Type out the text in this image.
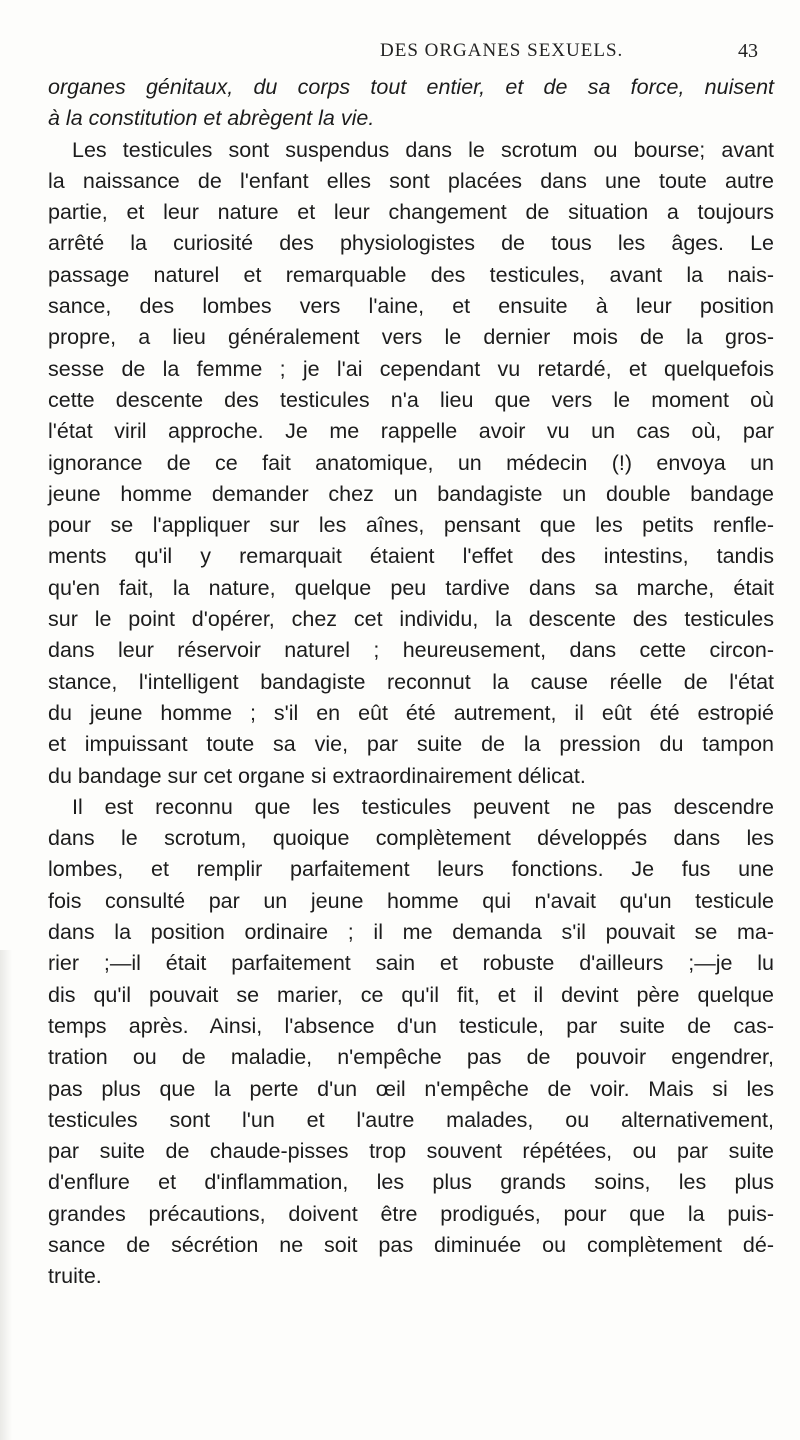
DES ORGANES SEXUELS.	43
organes génitaux, du corps tout entier, et de sa force, nuisent
à la constitution et abrègent la vie.
Les testicules sont suspendus dans le scrotum ou bourse; avant
la naissance de l'enfant elles sont placées dans une toute autre
partie, et leur nature et leur changement de situation a toujours
arrêté la curiosité des physiologistes de tous les âges. Le
passage naturel et remarquable des testicules, avant la nais-
sance, des lombes vers l'aine, et ensuite à leur position
propre, a lieu généralement vers le dernier mois de la gros-
sesse de la femme ; je l'ai cependant vu retardé, et quelquefois
cette descente des testicules n'a lieu que vers le moment où
l'état viril approche. Je me rappelle avoir vu un cas où, par
ignorance de ce fait anatomique, un médecin (!) envoya un
jeune homme demander chez un bandagiste un double bandage
pour se l'appliquer sur les aînes, pensant que les petits renfle-
ments qu'il y remarquait étaient l'effet des intestins, tandis
qu'en fait, la nature, quelque peu tardive dans sa marche, était
sur le point d'opérer, chez cet individu, la descente des testicules
dans leur réservoir naturel ; heureusement, dans cette circon-
stance, l'intelligent bandagiste reconnut la cause réelle de l'état
du jeune homme ; s'il en eût été autrement, il eût été estropié
et impuissant toute sa vie, par suite de la pression du tampon
du bandage sur cet organe si extraordinairement délicat.
Il est reconnu que les testicules peuvent ne pas descendre
dans le scrotum, quoique complètement développés dans les
lombes, et remplir parfaitement leurs fonctions. Je fus une
fois consulté par un jeune homme qui n'avait qu'un testicule
dans la position ordinaire ; il me demanda s'il pouvait se ma-
rier ;—il était parfaitement sain et robuste d'ailleurs ;—je lu
dis qu'il pouvait se marier, ce qu'il fit, et il devint père quelque
temps après. Ainsi, l'absence d'un testicule, par suite de cas-
tration ou de maladie, n'empêche pas de pouvoir engendrer,
pas plus que la perte d'un œil n'empêche de voir. Mais si les
testicules sont l'un et l'autre malades, ou alternativement,
par suite de chaude-pisses trop souvent répétées, ou par suite
d'enflure et d'inflammation, les plus grands soins, les plus
grandes précautions, doivent être prodigués, pour que la puis-
sance de sécrétion ne soit pas diminuée ou complètement dé-
truite.
